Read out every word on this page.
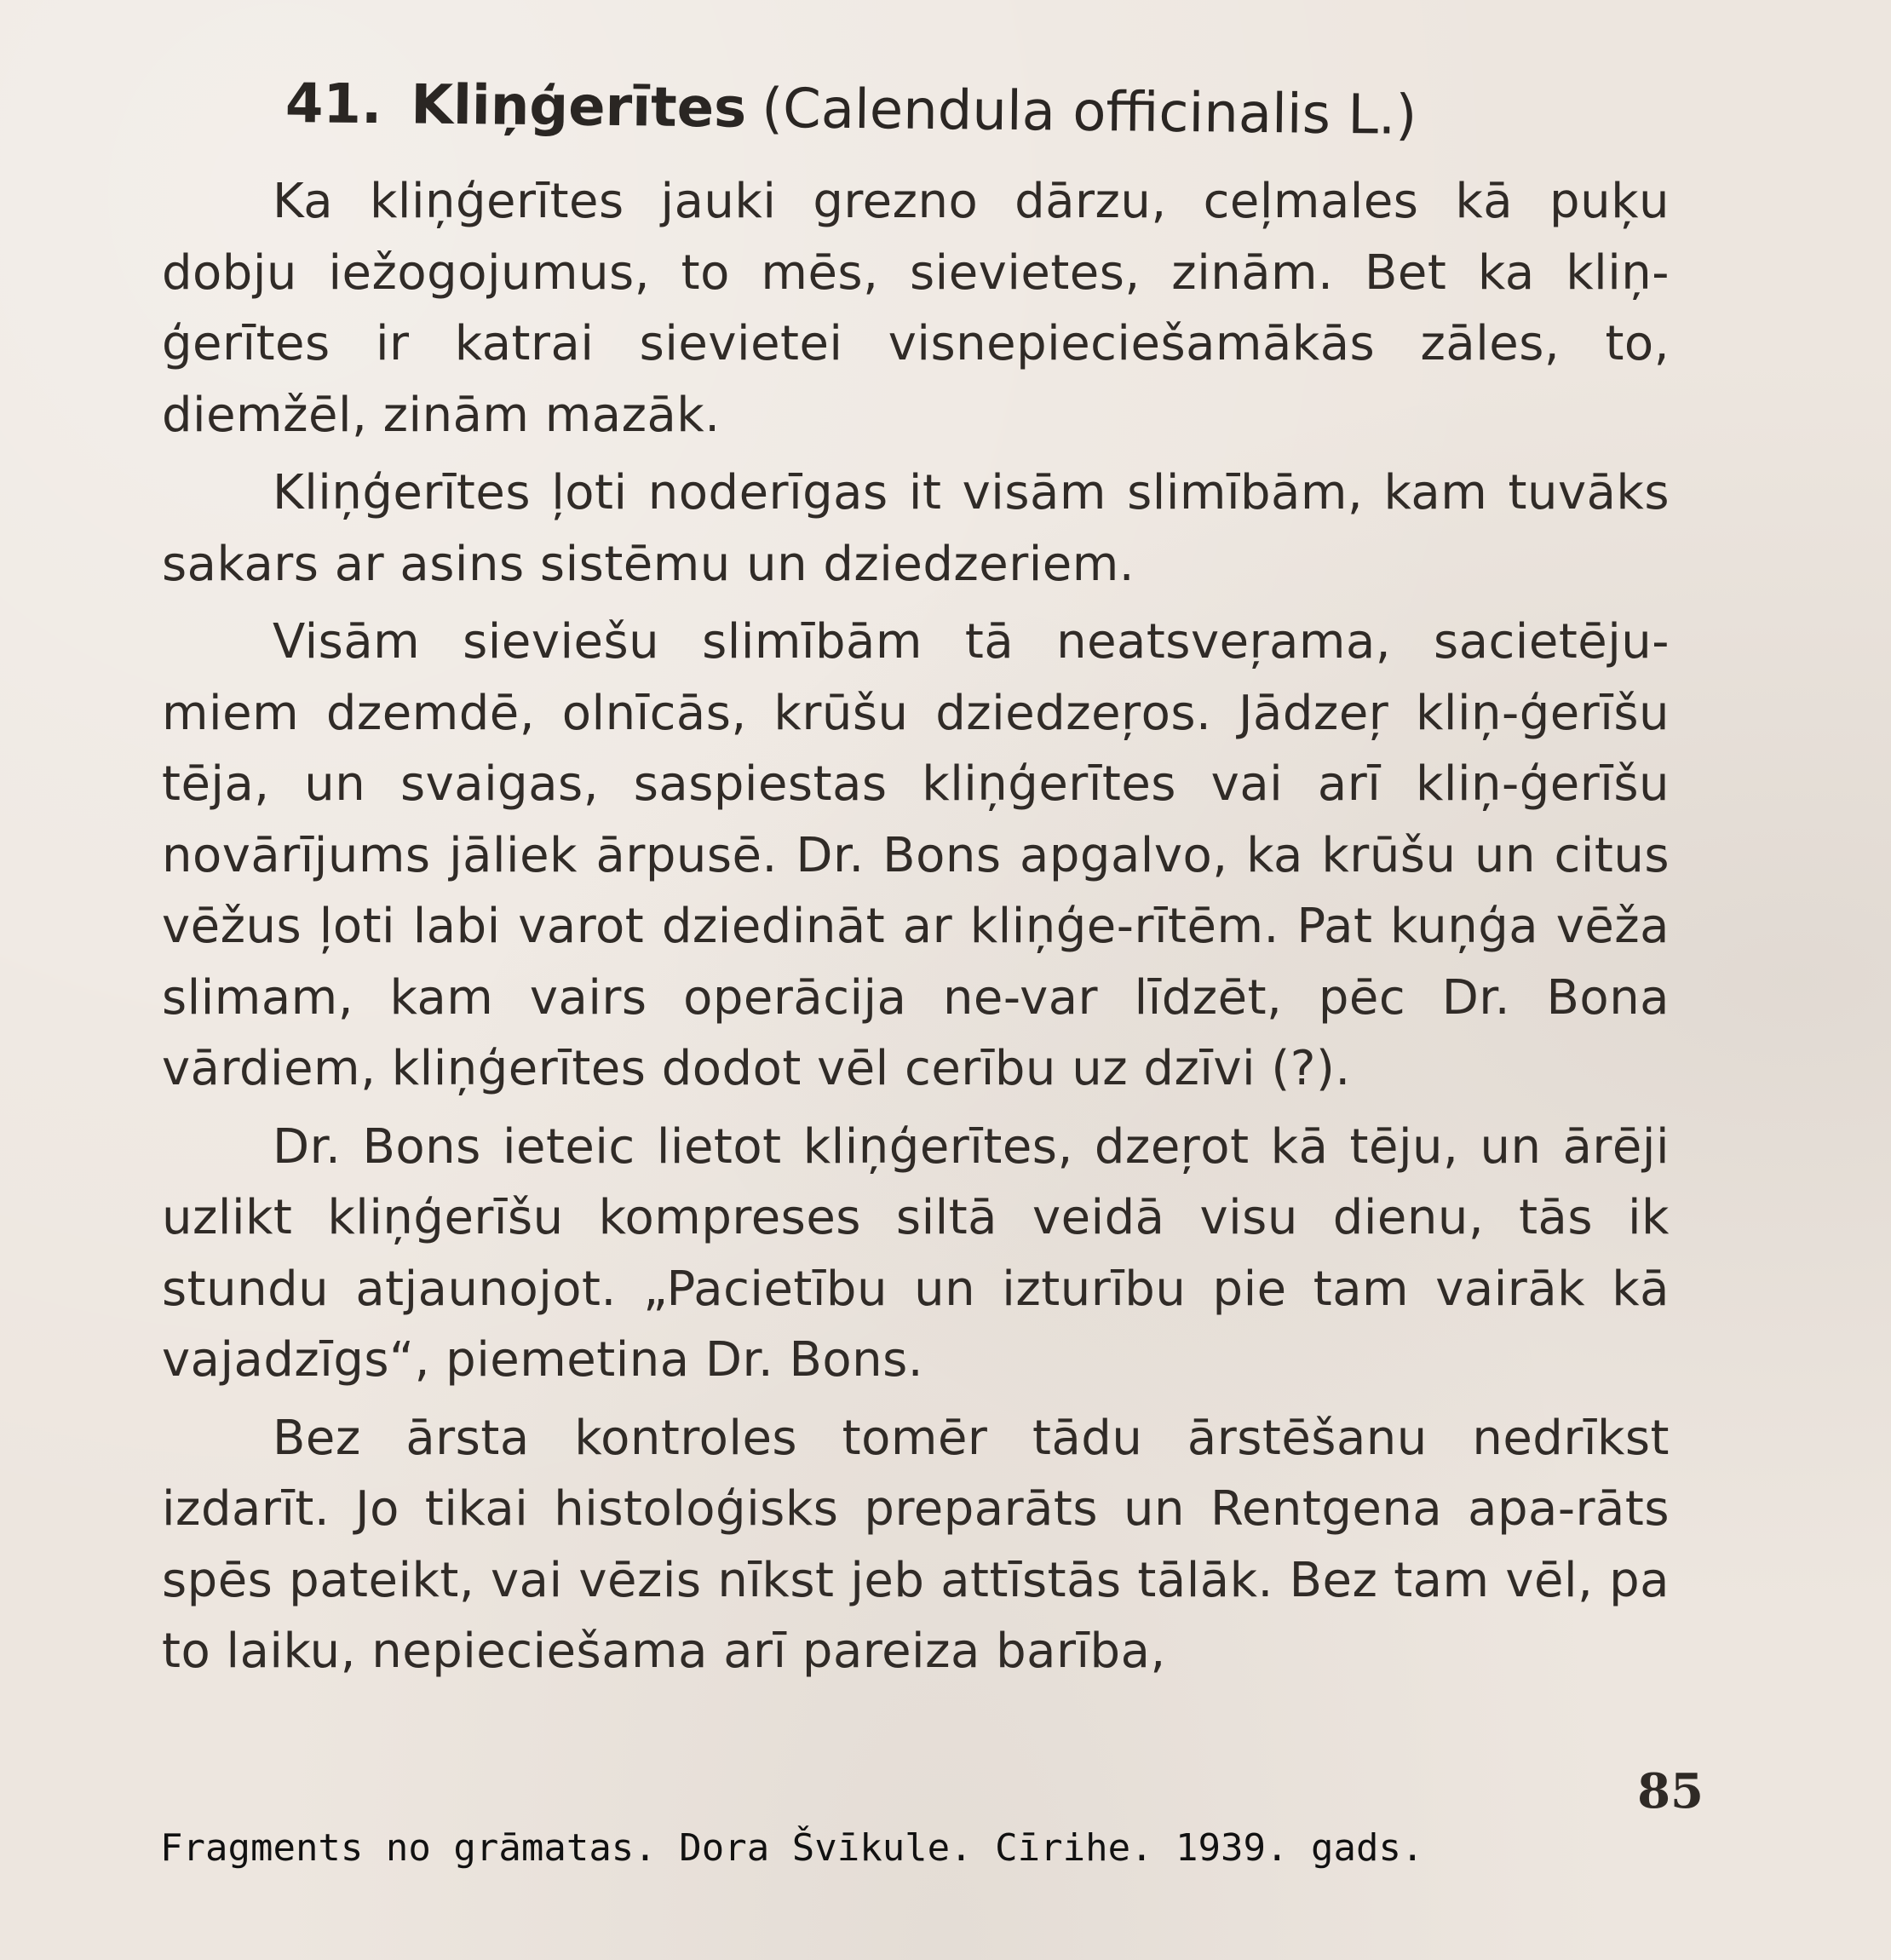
41. Kliņģerītes (Calendula officinalis L.)

Ka kliņģerītes jauki grezno dārzu, ceļmales kā puķu dobju iežogojumus, to mēs, sievietes, zinām. Bet ka kliņ-ģerītes ir katrai sievietei visnepieciešamākās zāles, to, diemžēl, zinām mazāk.

Kliņģerītes ļoti noderīgas it visām slimībām, kam tuvāks sakars ar asins sistēmu un dziedzeriem.

Visām sieviešu slimībām tā neatsveŗama, sacietēju-miem dzemdē, olnīcās, krūšu dziedzeŗos. Jādzeŗ kliņ-ģerīšu tēja, un svaigas, saspiestas kliņģerītes vai arī kliņ-ģerīšu novārījums jāliek ārpusē. Dr. Bons apgalvo, ka krūšu un citus vēžus ļoti labi varot dziedināt ar kliņģe-rītēm. Pat kuņģa vēža slimam, kam vairs operācija ne-var līdzēt, pēc Dr. Bona vārdiem, kliņģerītes dodot vēl cerību uz dzīvi (?).

Dr. Bons ieteic lietot kliņģerītes, dzeŗot kā tēju, un ārēji uzlikt kliņģerīšu kompreses siltā veidā visu dienu, tās ik stundu atjaunojot. „Pacietību un izturību pie tam vairāk kā vajadzīgs“, piemetina Dr. Bons.

Bez ārsta kontroles tomēr tādu ārstēšanu nedrīkst izdarīt. Jo tikai histoloģisks preparāts un Rentgena apa-rāts spēs pateikt, vai vēzis nīkst jeb attīstās tālāk. Bez tam vēl, pa to laiku, nepieciešama arī pareiza barība,

85
Fragments no grāmatas. Dora Švīkule. Cīrihe. 1939. gads.
